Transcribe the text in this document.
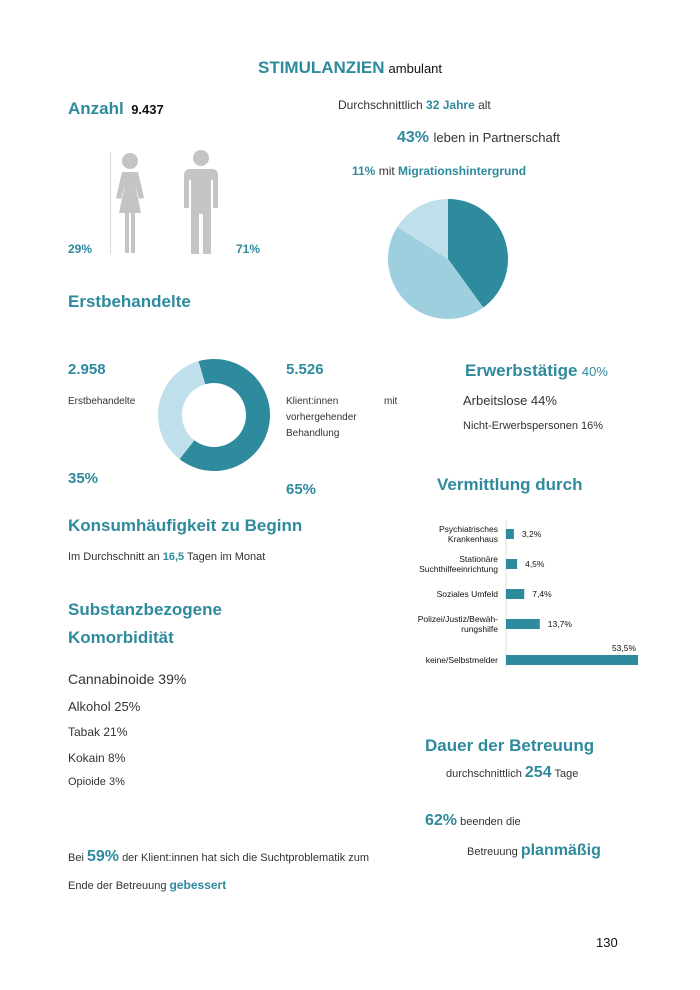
STIMULANZIEN ambulant
Anzahl 9.437
29%	71%
Durchschnittlich 32 Jahre alt
43% leben in Partnerschaft
11% mit Migrationshintergrund
Erstbehandelte
2.958
Erstbehandelte
35%
5.526
Klient:innen	mit
vorhergehender
Behandlung
65%
Erwerbstätige 40%
Arbeitslose 44%
Nicht-Erwerbspersonen 16%
Vermittlung durch
Psychiatrisches
Krankenhaus	3,2%
Stationäre
Suchthilfeeinrichtung	4,5%
Soziales Umfeld	7,4%
Polizei/Justiz/Bewäh-
rungshilfe	13,7%
keine/Selbstmelder
53,5%
Konsumhäufigkeit zu Beginn
Im Durchschnitt an 16,5 Tagen im Monat
Substanzbezogene
Komorbidität
Cannabinoide 39%
Alkohol 25%
Tabak 21%
Kokain 8%
Opioide 3%
Dauer der Betreuung
durchschnittlich 254 Tage
62% beenden die
Betreuung planmäßig
Bei 59% der Klient:innen hat sich die Suchtproblematik zum
Ende der Betreuung gebessert
130
